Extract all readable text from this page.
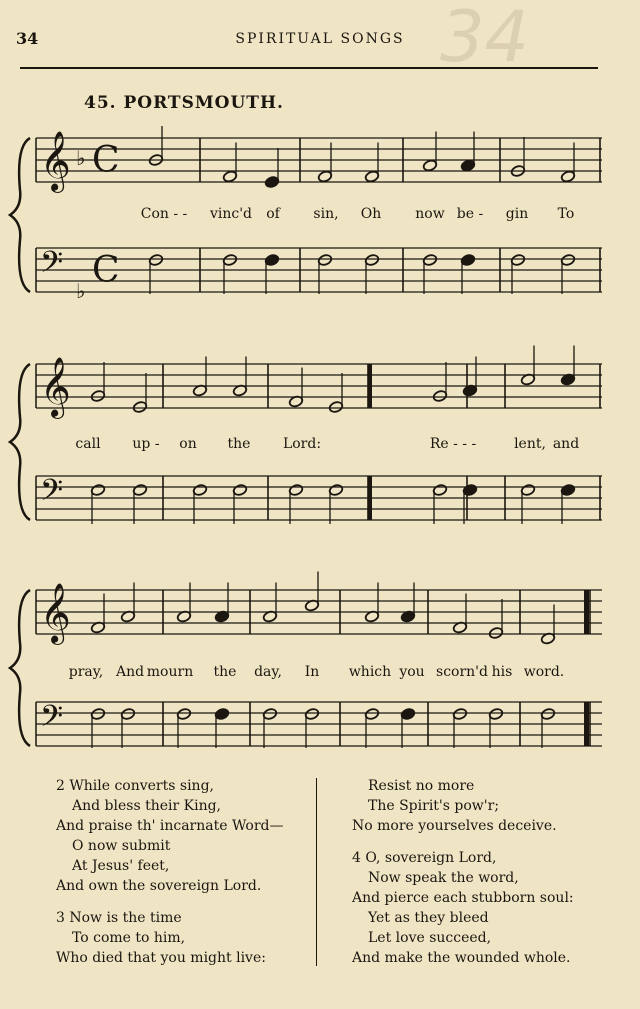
34	SPIRITUAL SONGS 34
45. PORTSMOUTH.
𝄞 ♭ C
𝄢
♭ C
𝄞
𝄢
𝄞
𝄢
Con - - vinc'd of sin, Oh now be - gin To
call up - on the Lord:	Re - - -	lent, and
pray, And mourn the day, In which you scorn'd his word.
2 While converts sing,
And bless their King,
And praise th' incarnate Word—
O now submit
At Jesus' feet,
And own the sovereign Lord.
3 Now is the time
To come to him,
Who died that you might live:
Resist no more
The Spirit's pow'r;
No more yourselves deceive.
4 O, sovereign Lord,
Now speak the word,
And pierce each stubborn soul:
Yet as they bleed
Let love succeed,
And make the wounded whole.
